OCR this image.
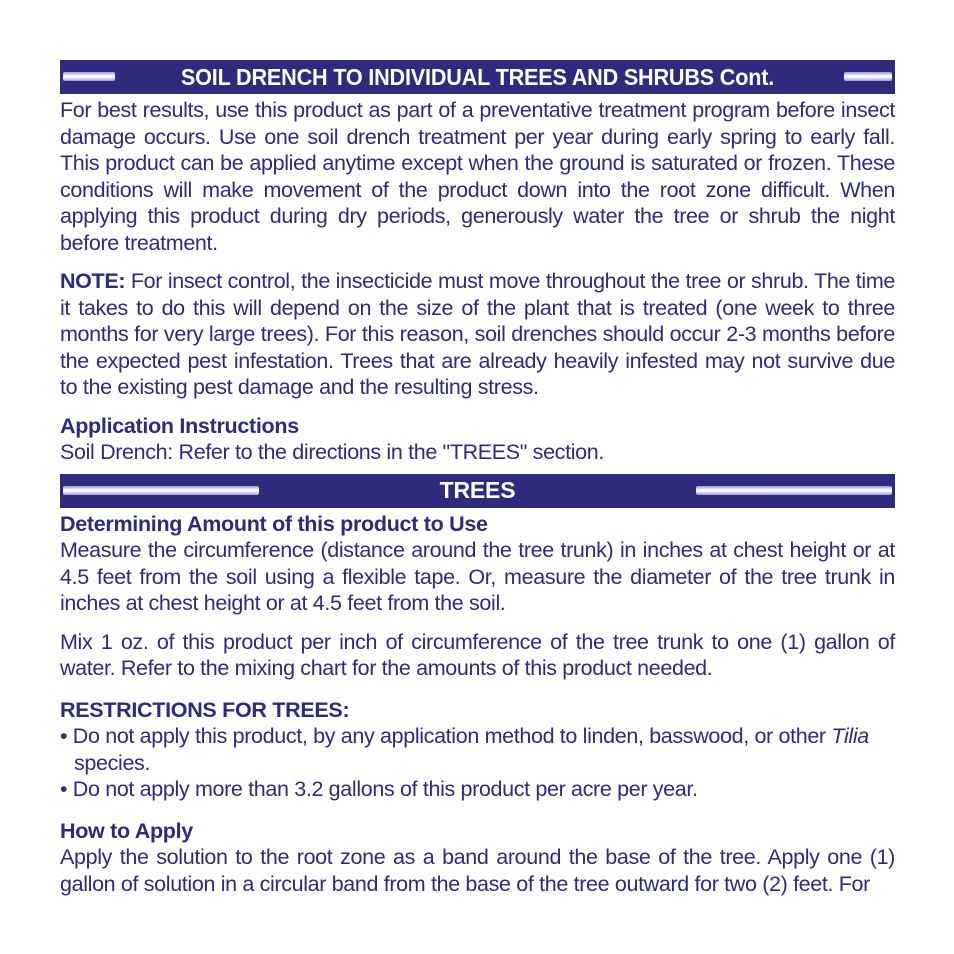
SOIL DRENCH TO INDIVIDUAL TREES AND SHRUBS Cont.

For best results, use this product as part of a preventative treatment program before insect damage occurs. Use one soil drench treatment per year during early spring to early fall. This product can be applied anytime except when the ground is saturated or frozen. These conditions will make movement of the product down into the root zone difficult. When applying this product during dry periods, generously water the tree or shrub the night before treatment.

NOTE: For insect control, the insecticide must move throughout the tree or shrub. The time it takes to do this will depend on the size of the plant that is treated (one week to three months for very large trees). For this reason, soil drenches should occur 2-3 months before the expected pest infestation. Trees that are already heavily infested may not survive due to the existing pest damage and the resulting stress.

Application Instructions

Soil Drench: Refer to the directions in the "TREES" section.

TREES
Determining Amount of this product to Use

Measure the circumference (distance around the tree trunk) in inches at chest height or at 4.5 feet from the soil using a flexible tape. Or, measure the diameter of the tree trunk in inches at chest height or at 4.5 feet from the soil.

Mix 1 oz. of this product per inch of circumference of the tree trunk to one (1) gallon of water. Refer to the mixing chart for the amounts of this product needed.

RESTRICTIONS FOR TREES:

• Do not apply this product, by any application method to linden, basswood, or other Tilia species.

• Do not apply more than 3.2 gallons of this product per acre per year.

How to Apply

Apply the solution to the root zone as a band around the base of the tree. Apply one (1) gallon of solution in a circular band from the base of the tree outward for two (2) feet. For
